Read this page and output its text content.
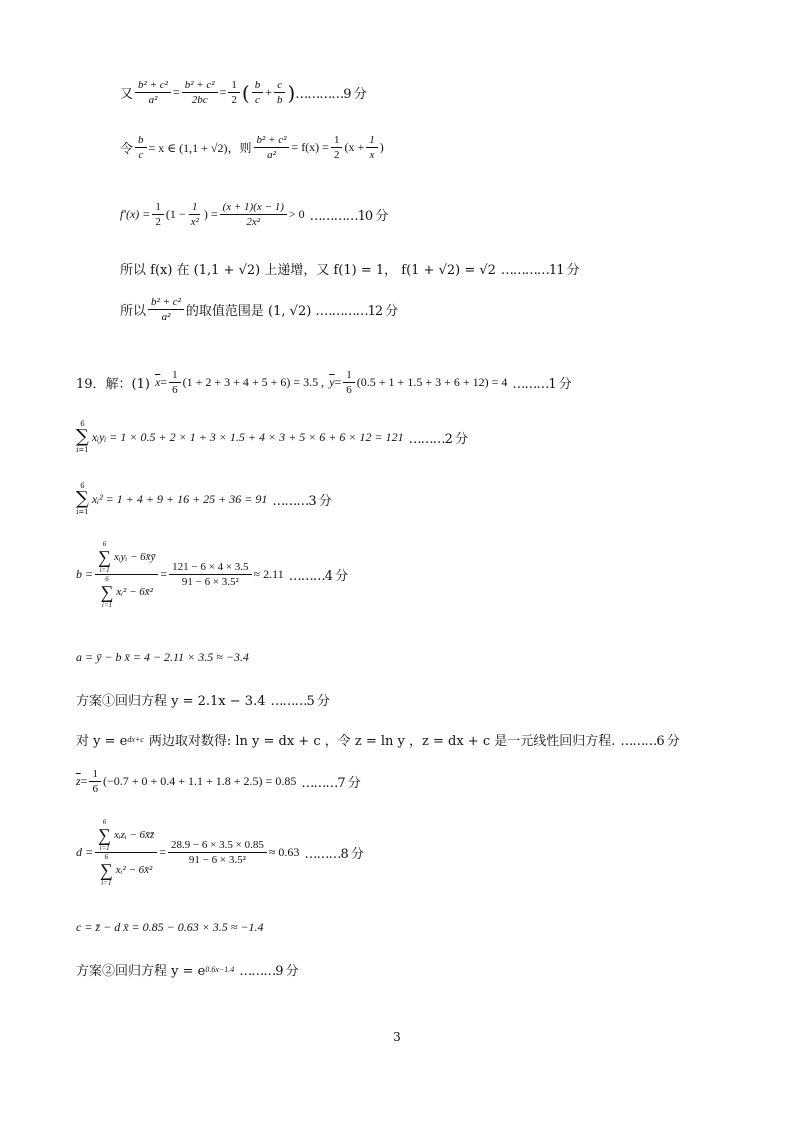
又 $\frac{\text{b² + c²}}{\text{a²}} = \frac{\text{b² + c²}}{2bc} = \frac{1}{2}$ ( $\frac{b}{c} + \frac{c}{b}$ ) …………9 分
令 $\frac{b}{c} = x$ ∈ (1,1 + √2)，则 $\frac{\text{b² + c²}}{\text{a²}} = f(x) = \frac{1}{2} (x + \frac{1}{x}$ )
$f'(x) = \frac{1}{2} (1 - \frac{1}{\text{x²}}$ ) = $\frac{(x + 1)(x - 1)}{\text{2x²}} > 0$ …………10 分
所以 f(x) 在 (1,1 + √2) 上递增，又 f(1) = 1， f(1 + √2) = √2 …………11 分
所以 $\frac{\text{b² + c²}}{\text{a²}}$ 的取值范围是 (1, √2) . …………12 分
19．解：(1) $\overline{x} = \frac{1}{6} (1 + 2 + 3 + 4 + 5 + 6) = 3.5$ , $\overline{y} = \frac{1}{6} (0.5 + 1 + 1.5 + 3 + 6 + 12) = 4$ ………1 分
6
∑
i=1
xᵢyᵢ = 1 × 0.5 + 2 × 1 + 3 × 1.5 + 4 × 3 + 5 × 6 + 6 × 12 = 121 ………2 分
6
∑
i=1
xᵢ² = 1 + 4 + 9 + 16 + 25 + 36 = 91 ………3 分
b = 6
∑
i=1
xᵢyᵢ − 6x̄ȳ
6
∑
i=1
xᵢ² − 6x̄² = $\frac{121 - 6 \times 4 \times 3.5}{\text{91 − 6 × 3.5²}} \approx 2.11$ ………4 分
a = ȳ − b x̄ = 4 − 2.11 × 3.5 ≈ −3.4
方案①回归方程 y = 2.1x − 3.4 ………5 分
对 y = e dx+c 两边取对数得: ln y = dx + c ，令 z = ln y ，z = dx + c 是一元线性回归方程. ………6 分
$\overline{z} = \frac{1}{6} (-0.7 + 0 + 0.4 + 1.1 + 1.8 + 2.5) = 0.85$ ………7 分
d = 6
∑
i=1
xᵢzᵢ − 6x̄z̄
6
∑
i=1
xᵢ² − 6x̄² = $\frac{28.9 - 6 \times 3.5 \times 0.85}{\text{91 − 6 × 3.5²}} \approx 0.63$ ………8 分
c = z̄ − d x̄ = 0.85 − 0.63 × 3.5 ≈ −1.4
方案②回归方程 y = e 0.6x−1.4 ………9 分
3
